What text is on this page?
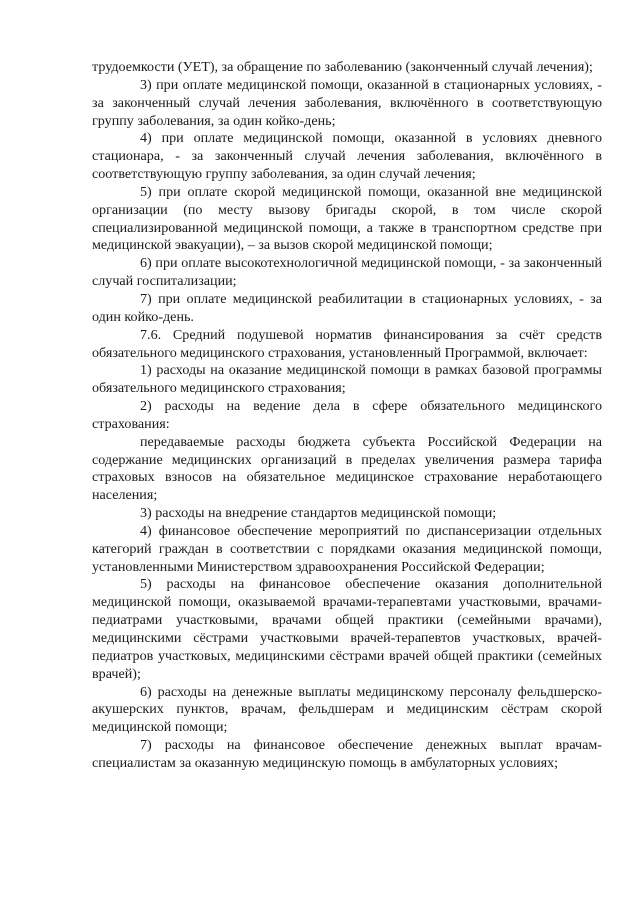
трудоемкости (УЕТ), за обращение по заболеванию (законченный случай лечения);

3) при оплате медицинской помощи, оказанной в стационарных условиях, - за законченный случай лечения заболевания, включённого в соответствующую группу заболевания, за один койко-день;

4) при оплате медицинской помощи, оказанной в условиях дневного стационара, - за законченный случай лечения заболевания, включённого в соответствующую группу заболевания, за один случай лечения;

5) при оплате скорой медицинской помощи, оказанной вне медицинской организации (по месту вызову бригады скорой, в том числе скорой специализированной медицинской помощи, а также в транспортном средстве при медицинской эвакуации), – за вызов скорой медицинской помощи;

6) при оплате высокотехнологичной медицинской помощи, - за законченный случай госпитализации;

7) при оплате медицинской реабилитации в стационарных условиях, - за один койко-день.

7.6. Средний подушевой норматив финансирования за счёт средств обязательного медицинского страхования, установленный Программой, включает:

1) расходы на оказание медицинской помощи в рамках базовой программы обязательного медицинского страхования;

2) расходы на ведение дела в сфере обязательного медицинского страхования:

передаваемые расходы бюджета субъекта Российской Федерации на содержание медицинских организаций в пределах увеличения размера тарифа страховых взносов на обязательное медицинское страхование неработающего населения;

3) расходы на внедрение стандартов медицинской помощи;

4) финансовое обеспечение мероприятий по диспансеризации отдельных категорий граждан в соответствии с порядками оказания медицинской помощи, установленными Министерством здравоохранения Российской Федерации;

5) расходы на финансовое обеспечение оказания дополнительной медицинской помощи, оказываемой врачами-терапевтами участковыми, врачами-педиатрами участковыми, врачами общей практики (семейными врачами), медицинскими сёстрами участковыми врачей-терапевтов участковых, врачей-педиатров участковых, медицинскими сёстрами врачей общей практики (семейных врачей);

6) расходы на денежные выплаты медицинскому персоналу фельдшерско-акушерских пунктов, врачам, фельдшерам и медицинским сёстрам скорой медицинской помощи;

7) расходы на финансовое обеспечение денежных выплат врачам-специалистам за оказанную медицинскую помощь в амбулаторных условиях;
